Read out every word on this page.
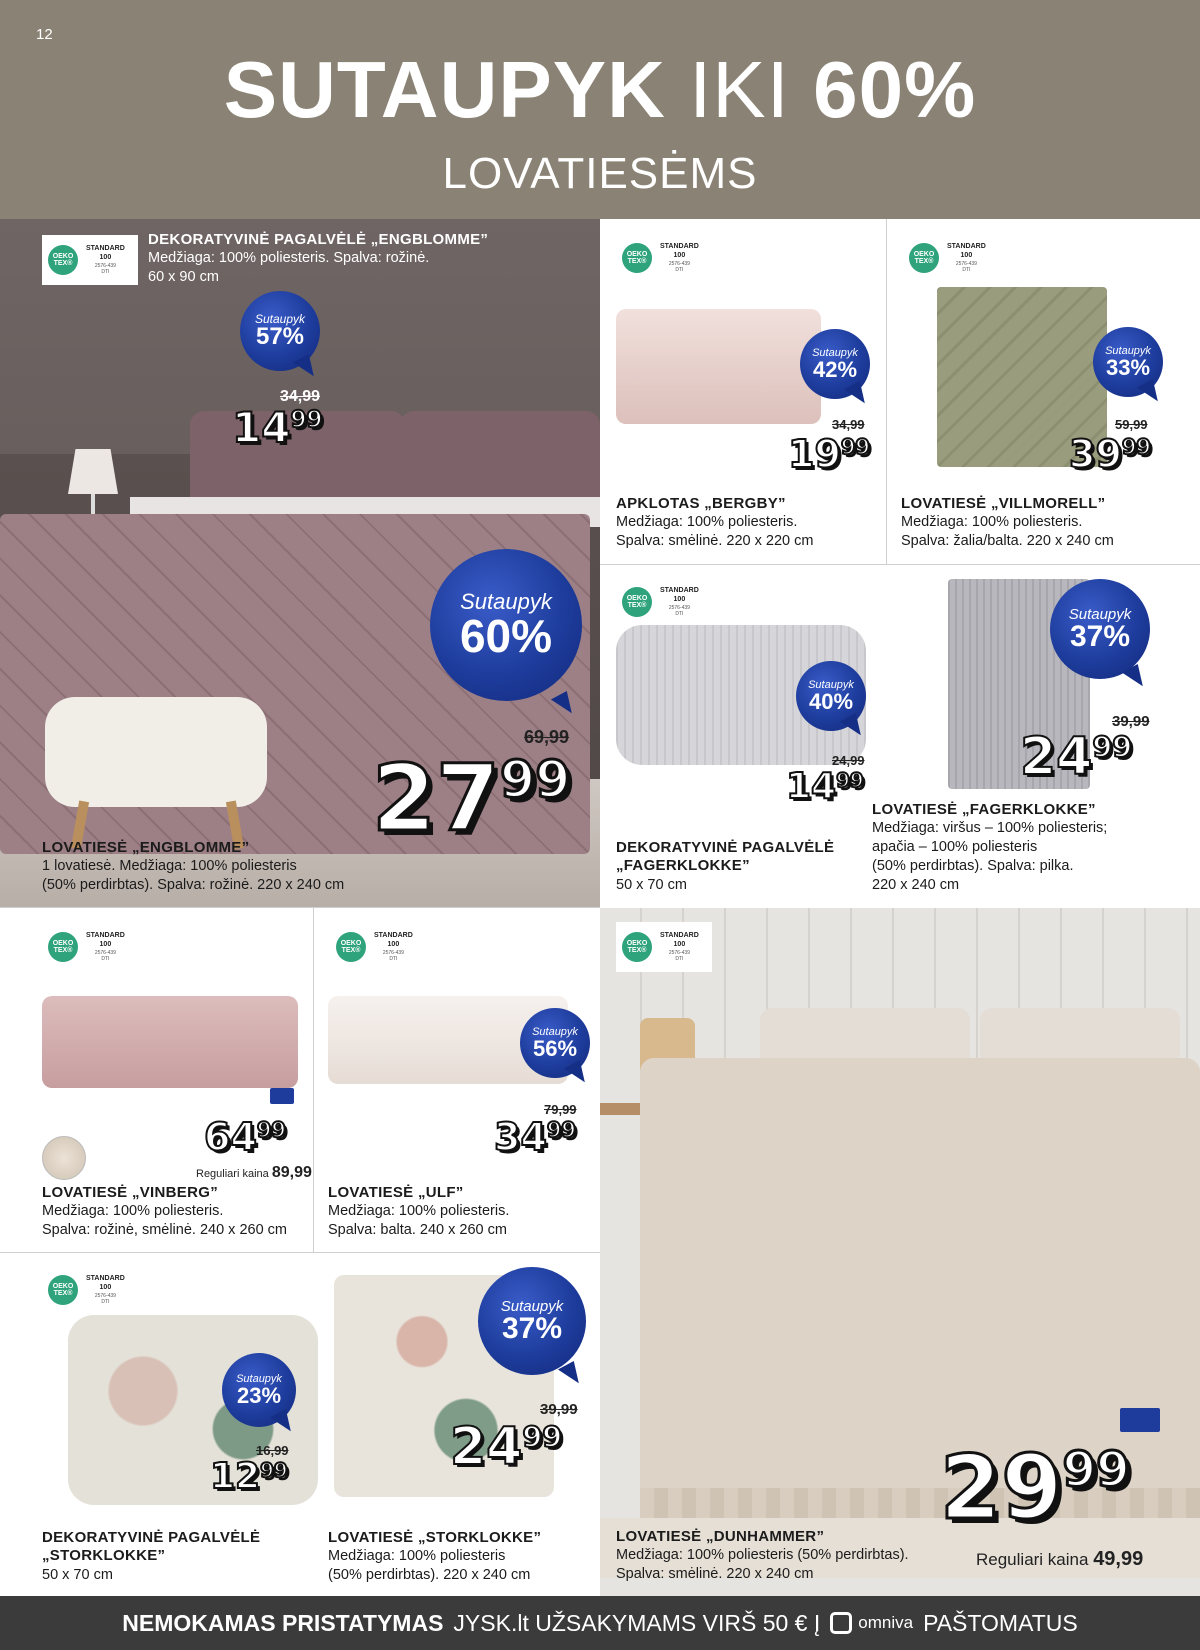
12
SUTAUPYK IKI 60%
LOVATIESĖMS
OEKO
TEX®
STANDARD
100
2576-439
DTI
DEKORATYVINĖ PAGALVĖLĖ „ENGBLOMME”
Medžiaga: 100% poliesteris. Spalva: rožinė.
60 x 90 cm
Sutaupyk
57%
34,99
$14^{99}$
Sutaupyk
60%
69,99
$27^{99}$
LOVATIESĖ „ENGBLOMME”
1 lovatiesė. Medžiaga: 100% poliesteris
(50% perdirbtas). Spalva: rožinė. 220 x 240 cm
OEKO
TEX®
STANDARD
100
2576-439
DTI
Sutaupyk
42%
34,99
$19^{99}$
APKLOTAS „BERGBY”
Medžiaga: 100% poliesteris.
Spalva: smėlinė. 220 x 220 cm
OEKO
TEX®
STANDARD
100
2576-439
DTI
Sutaupyk
33%
59,99
$39^{99}$
LOVATIESĖ „VILLMORELL”
Medžiaga: 100% poliesteris.
Spalva: žalia/balta. 220 x 240 cm
OEKO
TEX®
STANDARD
100
2576-439
DTI
Sutaupyk
40%
24,99
$14^{99}$
DEKORATYVINĖ PAGALVĖLĖ
„FAGERKLOKKE”
50 x 70 cm
Sutaupyk
37%
39,99
$24^{99}$
LOVATIESĖ „FAGERKLOKKE”
Medžiaga: viršus – 100% poliesteris;
apačia – 100% poliesteris
(50% perdirbtas). Spalva: pilka.
220 x 240 cm
OEKO
TEX®
STANDARD
100
2576-439
DTI
$64^{99}$
Reguliari kaina 89,99
LOVATIESĖ „VINBERG”
Medžiaga: 100% poliesteris.
Spalva: rožinė, smėlinė. 240 x 260 cm
OEKO
TEX®
STANDARD
100
2576-439
DTI
Sutaupyk
56%
79,99
$34^{99}$
LOVATIESĖ „ULF”
Medžiaga: 100% poliesteris.
Spalva: balta. 240 x 260 cm
OEKO
TEX®
STANDARD
100
2576-439
DTI
Sutaupyk
23%
16,99
$12^{99}$
DEKORATYVINĖ PAGALVĖLĖ
„STORKLOKKE”
50 x 70 cm
Sutaupyk
37%
39,99
$24^{99}$
LOVATIESĖ „STORKLOKKE”
Medžiaga: 100% poliesteris
(50% perdirbtas). 220 x 240 cm
OEKO
TEX®
STANDARD
100
2576-439
DTI
$29^{99}$
Reguliari kaina 49,99
LOVATIESĖ „DUNHAMMER”
Medžiaga: 100% poliesteris (50% perdirbtas).
Spalva: smėlinė. 220 x 240 cm
NEMOKAMAS PRISTATYMAS JYSK.lt UŽSAKYMAMS VIRŠ 50 € Į omniva PAŠTOMATUS
